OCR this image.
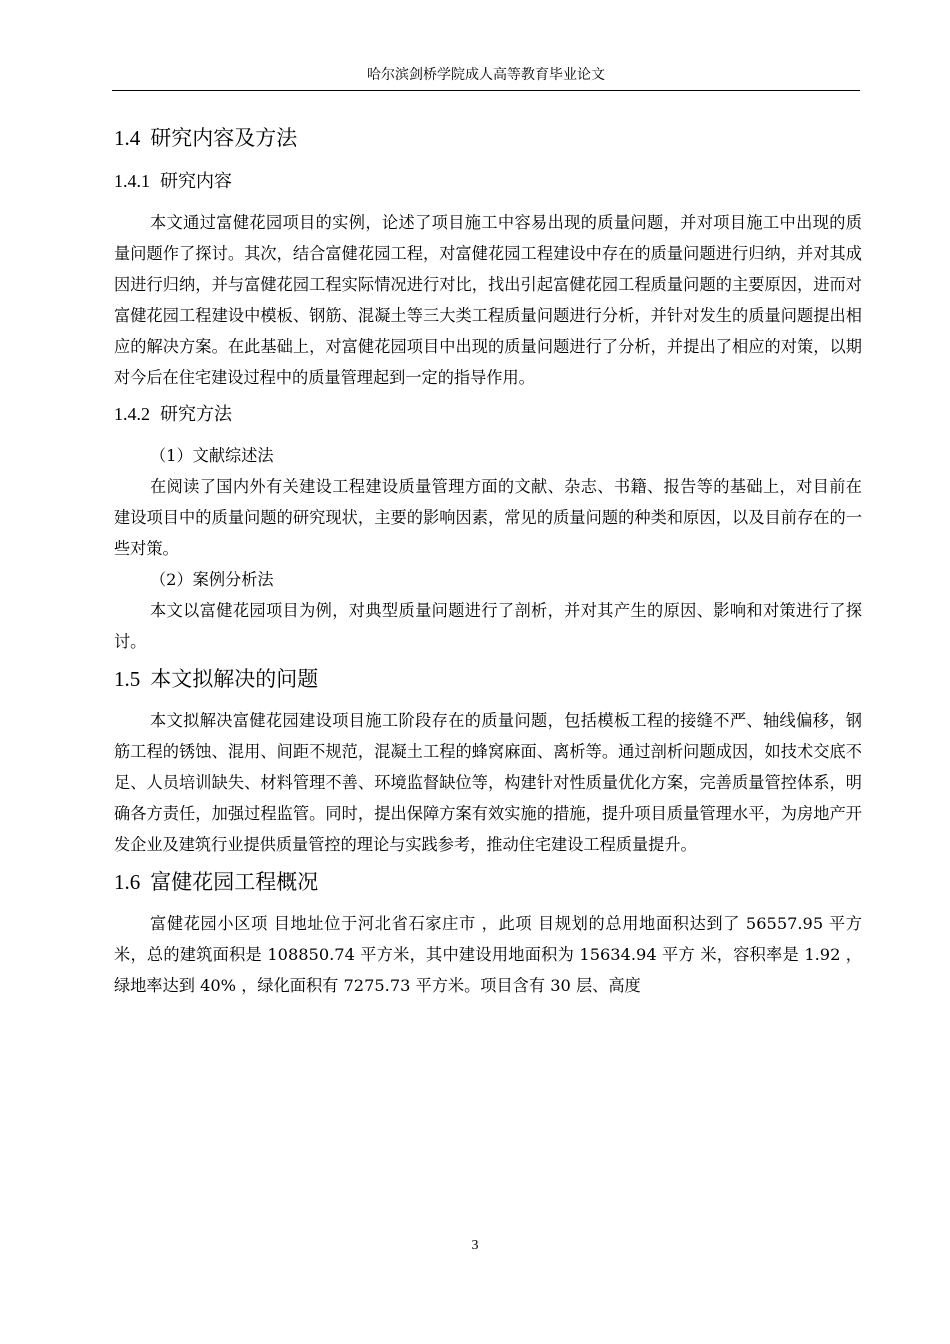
哈尔滨剑桥学院成人高等教育毕业论文
1.4 研究内容及方法
1.4.1 研究内容

本文通过富健花园项目的实例，论述了项目施工中容易出现的质量问题，并对项目施工中出现的质量问题作了探讨。其次，结合富健花园工程，对富健花园工程建设中存在的质量问题进行归纳，并对其成因进行归纳，并与富健花园工程实际情况进行对比，找出引起富健花园工程质量问题的主要原因，进而对富健花园工程建设中模板、钢筋、混凝土等三大类工程质量问题进行分析，并针对发生的质量问题提出相应的解决方案。在此基础上，对富健花园项目中出现的质量问题进行了分析，并提出了相应的对策，以期对今后在住宅建设过程中的质量管理起到一定的指导作用。

1.4.2 研究方法

（1）文献综述法

在阅读了国内外有关建设工程建设质量管理方面的文献、杂志、书籍、报告等的基础上，对目前在建设项目中的质量问题的研究现状，主要的影响因素，常见的质量问题的种类和原因，以及目前存在的一些对策。

（2）案例分析法

本文以富健花园项目为例，对典型质量问题进行了剖析，并对其产生的原因、影响和对策进行了探讨。

1.5 本文拟解决的问题

本文拟解决富健花园建设项目施工阶段存在的质量问题，包括模板工程的接缝不严、轴线偏移，钢筋工程的锈蚀、混用、间距不规范，混凝土工程的蜂窝麻面、离析等。通过剖析问题成因，如技术交底不足、人员培训缺失、材料管理不善、环境监督缺位等，构建针对性质量优化方案，完善质量管控体系，明确各方责任，加强过程监管。同时，提出保障方案有效实施的措施，提升项目质量管理水平，为房地产开发企业及建筑行业提供质量管控的理论与实践参考，推动住宅建设工程质量提升。

1.6 富健花园工程概况

富健花园小区项 目地址位于河北省石家庄市 ，此项 目规划的总用地面积达到了 56557.95 平方米，总的建筑面积是 108850.74 平方米，其中建设用地面积为 15634.94 平方 米，容积率是 1.92 ，绿地率达到 40% ，绿化面积有 7275.73 平方米。项目含有 30 层、高度

3
